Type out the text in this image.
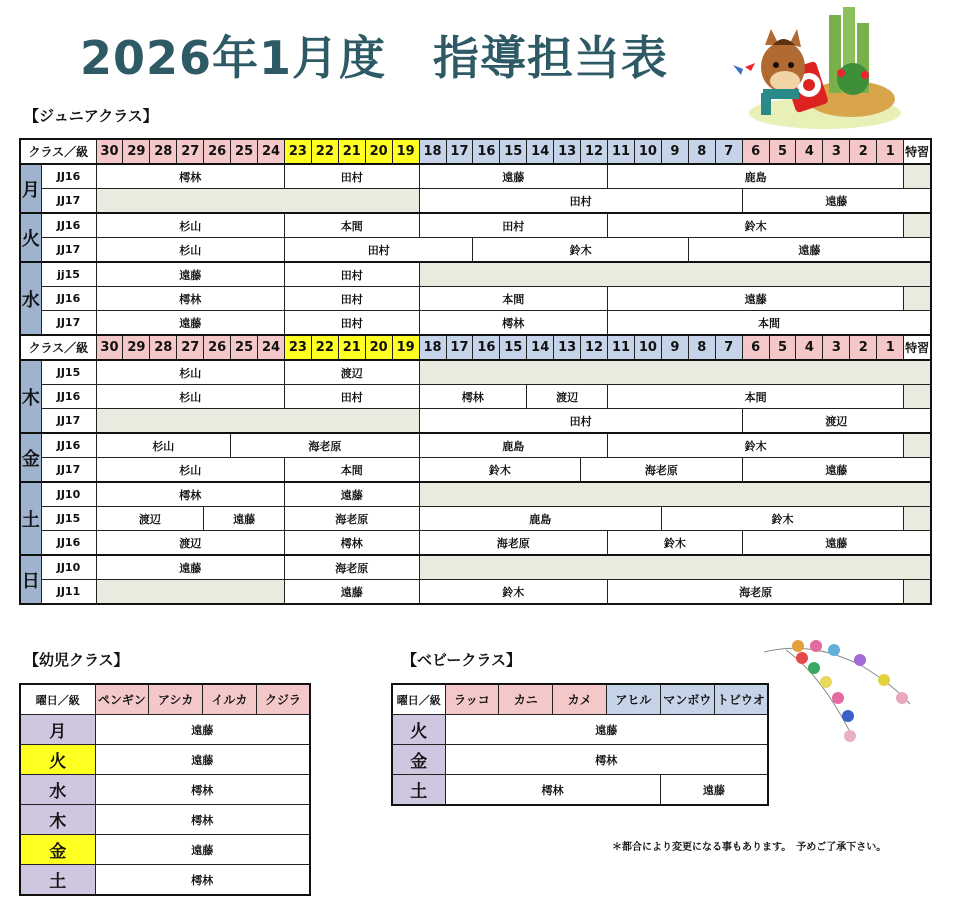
2026年1月度　指導担当表
【ジュニアクラス】
クラス／級		30	29	28	27	26	25	24	23	22	21	20	19	18	17	16	15	14	13	12	11	10	9	8	7	6	5	4	3	2	1	特習
月	JJ16	樗林							田村					遠藤							鹿島											
	JJ17													田村												遠藤						
火	JJ16	杉山							本間					田村							鈴木											
	JJ17	杉山							田村							鈴木								遠藤								
水	jj15	遠藤							田村																							
	JJ16	樗林							田村					本間							遠藤											
	JJ17	遠藤							田村					樗林							本間											
クラス／級		30	29	28	27	26	25	24	23	22	21	20	19	18	17	16	15	14	13	12	11	10	9	8	7	6	5	4	3	2	1	特習
木	JJ15	杉山							渡辺																							
	JJ16	杉山							田村					樗林				渡辺			本間											
	JJ17													田村												渡辺						
金	JJ16	杉山					海老原							鹿島							鈴木											
	JJ17	杉山							本間					鈴木						海老原						遠藤						
土	JJ10	樗林							遠藤																							
	JJ15	渡辺				遠藤			海老原					鹿島									鈴木									
	JJ16	渡辺							樗林					海老原							鈴木					遠藤						
日	JJ10	遠藤							海老原																							
	JJ11								遠藤					鈴木							海老原											
【幼児クラス】
曜日／級	ペンギン	アシカ	イルカ	クジラ
月	遠藤			
火	遠藤			
水	樗林			
木	樗林			
金	遠藤			
土	樗林			
【ベビークラス】
曜日／級	ラッコ	カニ	カメ	アヒル	マンボウ	トビウオ
火	遠藤					
金	樗林					
土	樗林				遠藤	
＊都合により変更になる事もあります。　予めご了承下さい。
